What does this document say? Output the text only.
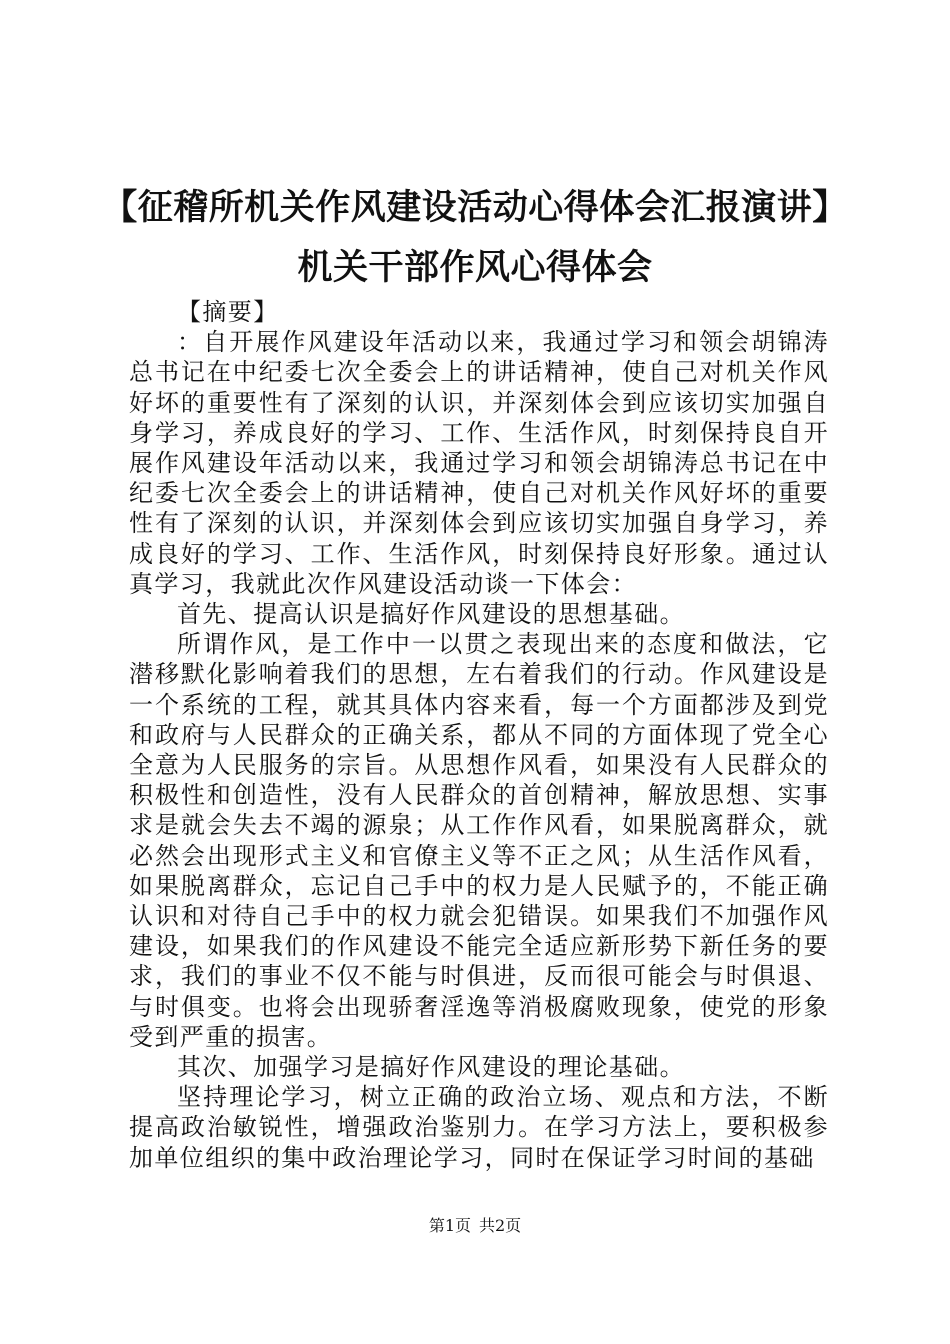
【征稽所机关作风建设活动心得体会汇报演讲】机关干部作风心得体会

【摘要】

：自开展作风建设年活动以来，我通过学习和领会胡锦涛总书记在中纪委七次全委会上的讲话精神，使自己对机关作风好坏的重要性有了深刻的认识，并深刻体会到应该切实加强自身学习，养成良好的学习、工作、生活作风，时刻保持良自开展作风建设年活动以来，我通过学习和领会胡锦涛总书记在中纪委七次全委会上的讲话精神，使自己对机关作风好坏的重要性有了深刻的认识，并深刻体会到应该切实加强自身学习，养成良好的学习、工作、生活作风，时刻保持良好形象。通过认真学习，我就此次作风建设活动谈一下体会：

首先、提高认识是搞好作风建设的思想基础。

所谓作风，是工作中一以贯之表现出来的态度和做法，它潜移默化影响着我们的思想，左右着我们的行动。作风建设是一个系统的工程，就其具体内容来看，每一个方面都涉及到党和政府与人民群众的正确关系，都从不同的方面体现了党全心全意为人民服务的宗旨。从思想作风看，如果没有人民群众的积极性和创造性，没有人民群众的首创精神，解放思想、实事求是就会失去不竭的源泉；从工作作风看，如果脱离群众，就必然会出现形式主义和官僚主义等不正之风；从生活作风看，如果脱离群众，忘记自己手中的权力是人民赋予的，不能正确认识和对待自己手中的权力就会犯错误。如果我们不加强作风建设，如果我们的作风建设不能完全适应新形势下新任务的要求，我们的事业不仅不能与时俱进，反而很可能会与时俱退、与时俱变。也将会出现骄奢淫逸等消极腐败现象，使党的形象受到严重的损害。

其次、加强学习是搞好作风建设的理论基础。

坚持理论学习，树立正确的政治立场、观点和方法，不断提高政治敏锐性，增强政治鉴别力。在学习方法上，要积极参加单位组织的集中政治理论学习，同时在保证学习时间的基础

第1页 共2页
